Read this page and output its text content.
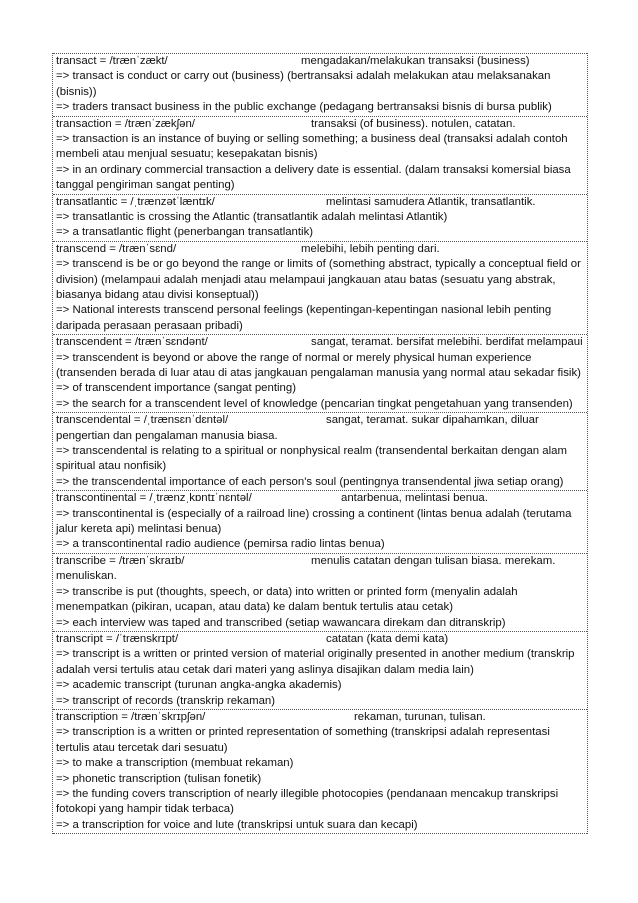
transact = /trænˈzækt/	mengadakan/melakukan transaksi (business)
=> transact is conduct or carry out (business) (bertransaksi adalah melakukan atau melaksanakan (bisnis))
=> traders transact business in the public exchange (pedagang bertransaksi bisnis di bursa publik)
transaction = /trænˈzækʃən/	transaksi (of business). notulen, catatan.
=> transaction is an instance of buying or selling something; a business deal (transaksi adalah contoh membeli atau menjual sesuatu; kesepakatan bisnis)
=> in an ordinary commercial transaction a delivery date is essential. (dalam transaksi komersial biasa tanggal pengiriman sangat penting)
transatlantic = /ˌtrænzətˈlæntɪk/	melintasi samudera Atlantik, transatlantik.
=> transatlantic is crossing the Atlantic (transatlantik adalah melintasi Atlantik)
=> a transatlantic flight (penerbangan transatlantik)
transcend = /trænˈsɛnd/	melebihi, lebih penting dari.
=> transcend is be or go beyond the range or limits of (something abstract, typically a conceptual field or division) (melampaui adalah menjadi atau melampaui jangkauan atau batas (sesuatu yang abstrak, biasanya bidang atau divisi konseptual))
=> National interests transcend personal feelings (kepentingan-kepentingan nasional lebih penting daripada perasaan perasaan pribadi)
transcendent = /trænˈsɛndənt/	sangat, teramat. bersifat melebihi. berdifat melampaui
=> transcendent is beyond or above the range of normal or merely physical human experience (transenden berada di luar atau di atas jangkauan pengalaman manusia yang normal atau sekadar fisik)
=> of transcendent importance (sangat penting)
=> the search for a transcendent level of knowledge (pencarian tingkat pengetahuan yang transenden)
transcendental = /ˌtrænsɛnˈdɛntəl/	sangat, teramat. sukar dipahamkan, diluar
pengertian dan pengalaman manusia biasa.
=> transcendental is relating to a spiritual or nonphysical realm (transendental berkaitan dengan alam spiritual atau nonfisik)
=> the transcendental importance of each person's soul (pentingnya transendental jiwa setiap orang)
transcontinental = /ˌtrænzˌkɒntɪˈnɛntəl/	antarbenua, melintasi benua.
=> transcontinental is (especially of a railroad line) crossing a continent (lintas benua adalah (terutama jalur kereta api) melintasi benua)
=> a transcontinental radio audience (pemirsa radio lintas benua)
transcribe = /trænˈskraɪb/	menulis catatan dengan tulisan biasa. merekam.
menuliskan.
=> transcribe is put (thoughts, speech, or data) into written or printed form (menyalin adalah menempatkan (pikiran, ucapan, atau data) ke dalam bentuk tertulis atau cetak)
=> each interview was taped and transcribed (setiap wawancara direkam dan ditranskrip)
transcript = /ˈtrænskrɪpt/	catatan (kata demi kata)
=> transcript is a written or printed version of material originally presented in another medium (transkrip adalah versi tertulis atau cetak dari materi yang aslinya disajikan dalam media lain)
=> academic transcript (turunan angka-angka akademis)
=> transcript of records (transkrip rekaman)
transcription = /trænˈskrɪpʃən/	rekaman, turunan, tulisan.
=> transcription is a written or printed representation of something (transkripsi adalah representasi tertulis atau tercetak dari sesuatu)
=> to make a transcription (membuat rekaman)
=> phonetic transcription (tulisan fonetik)
=> the funding covers transcription of nearly illegible photocopies (pendanaan mencakup transkripsi fotokopi yang hampir tidak terbaca)
=> a transcription for voice and lute (transkripsi untuk suara dan kecapi)
